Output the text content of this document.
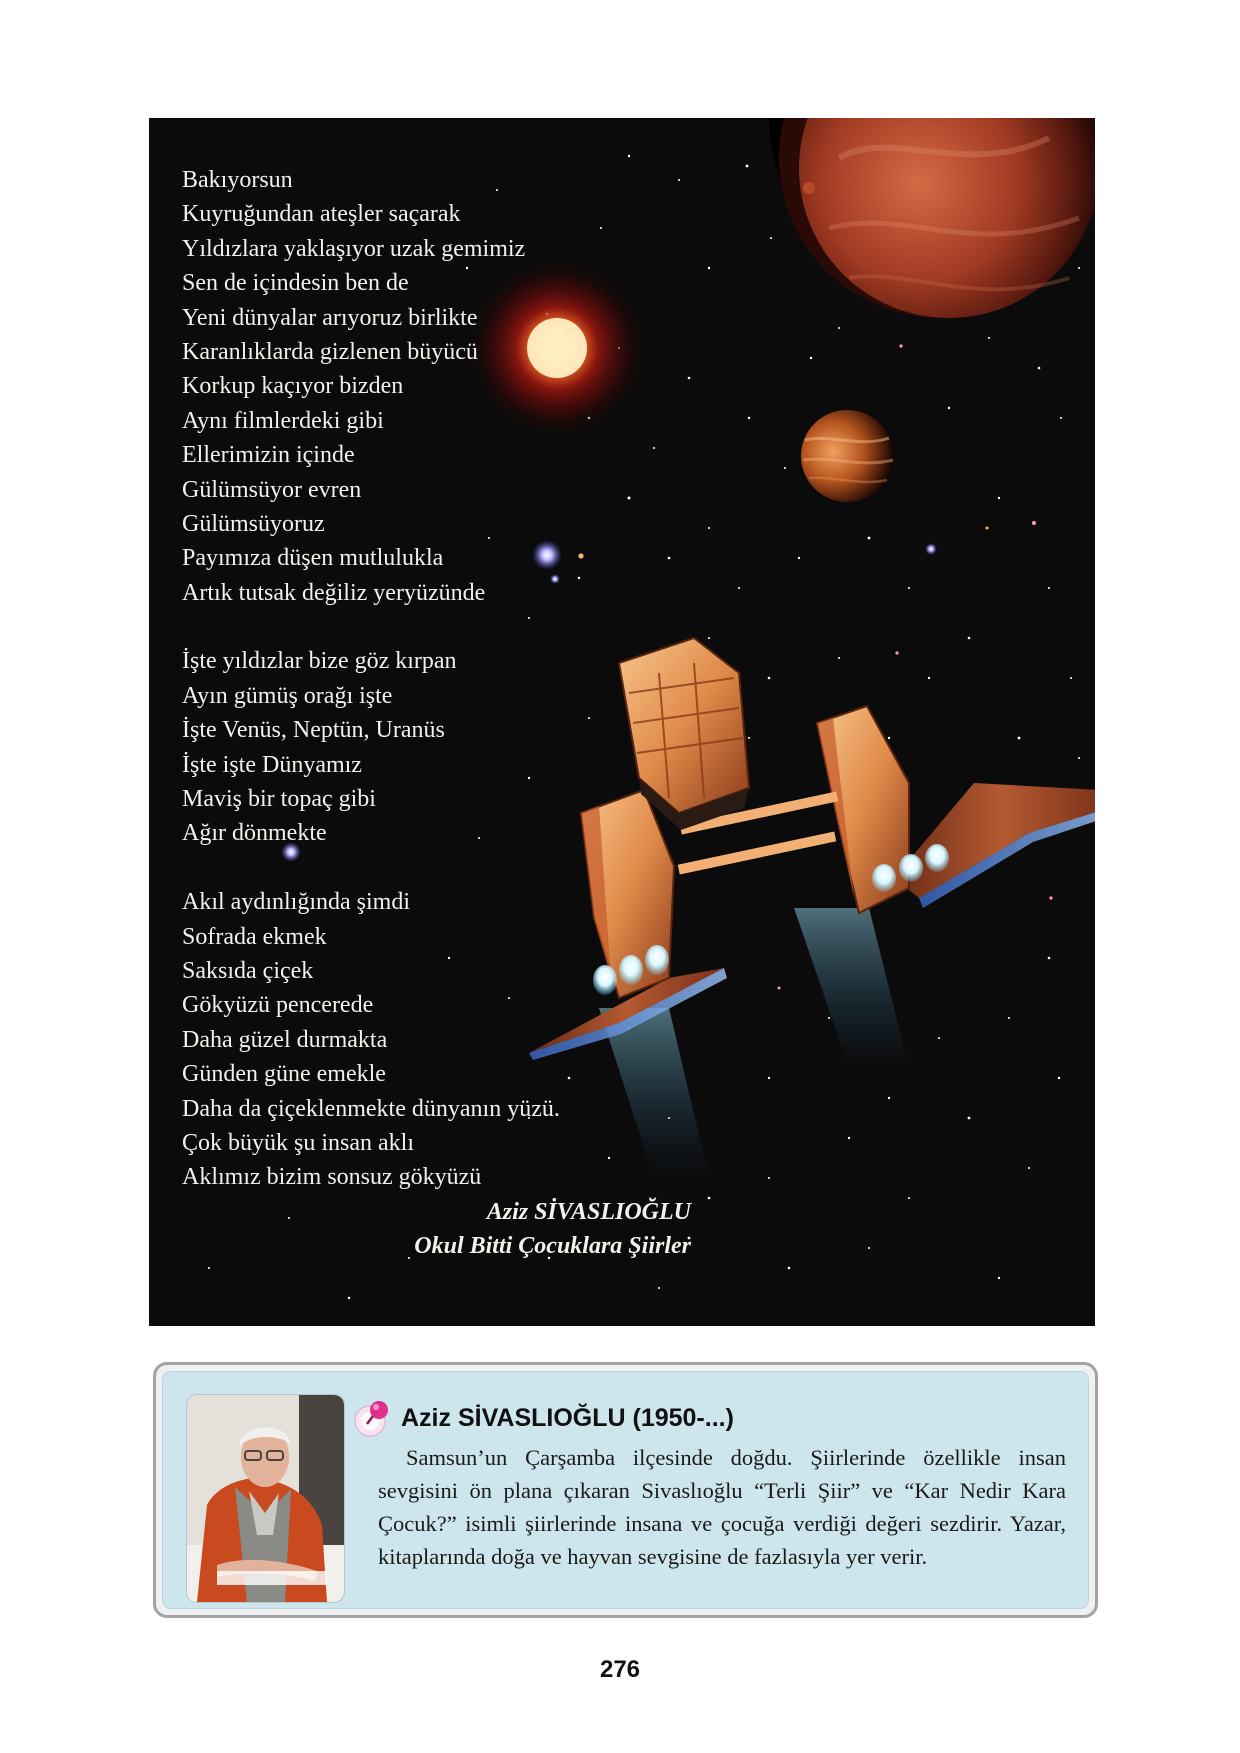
Bakıyorsun
Kuyruğundan ateşler saçarak
Yıldızlara yaklaşıyor uzak gemimiz
Sen de içindesin ben de
Yeni dünyalar arıyoruz birlikte
Karanlıklarda gizlenen büyücü
Korkup kaçıyor bizden
Aynı filmlerdeki gibi
Ellerimizin içinde
Gülümsüyor evren
Gülümsüyoruz
Payımıza düşen mutlulukla
Artık tutsak değiliz yeryüzünde
İşte yıldızlar bize göz kırpan
Ayın gümüş orağı işte
İşte Venüs, Neptün, Uranüs
İşte işte Dünyamız
Maviş bir topaç gibi
Ağır dönmekte
Akıl aydınlığında şimdi
Sofrada ekmek
Saksıda çiçek
Gökyüzü pencerede
Daha güzel durmakta
Günden güne emekle
Daha da çiçeklenmekte dünyanın yüzü.
Çok büyük şu insan aklı
Aklımız bizim sonsuz gökyüzü
Aziz SİVASLIOĞLU
Okul Bitti Çocuklara Şiirler
Aziz SİVASLIOĞLU (1950-...)
Samsun’un Çarşamba ilçesinde doğdu. Şiirlerinde özellikle insan sevgisini ön plana çıkaran Sivaslıoğlu “Terli Şiir” ve “Kar Nedir Kara Çocuk?” isimli şiirlerinde insana ve çocuğa verdiği değeri sezdirir. Yazar, kitaplarında doğa ve hayvan sevgisine de fazlasıyla yer verir.
276
